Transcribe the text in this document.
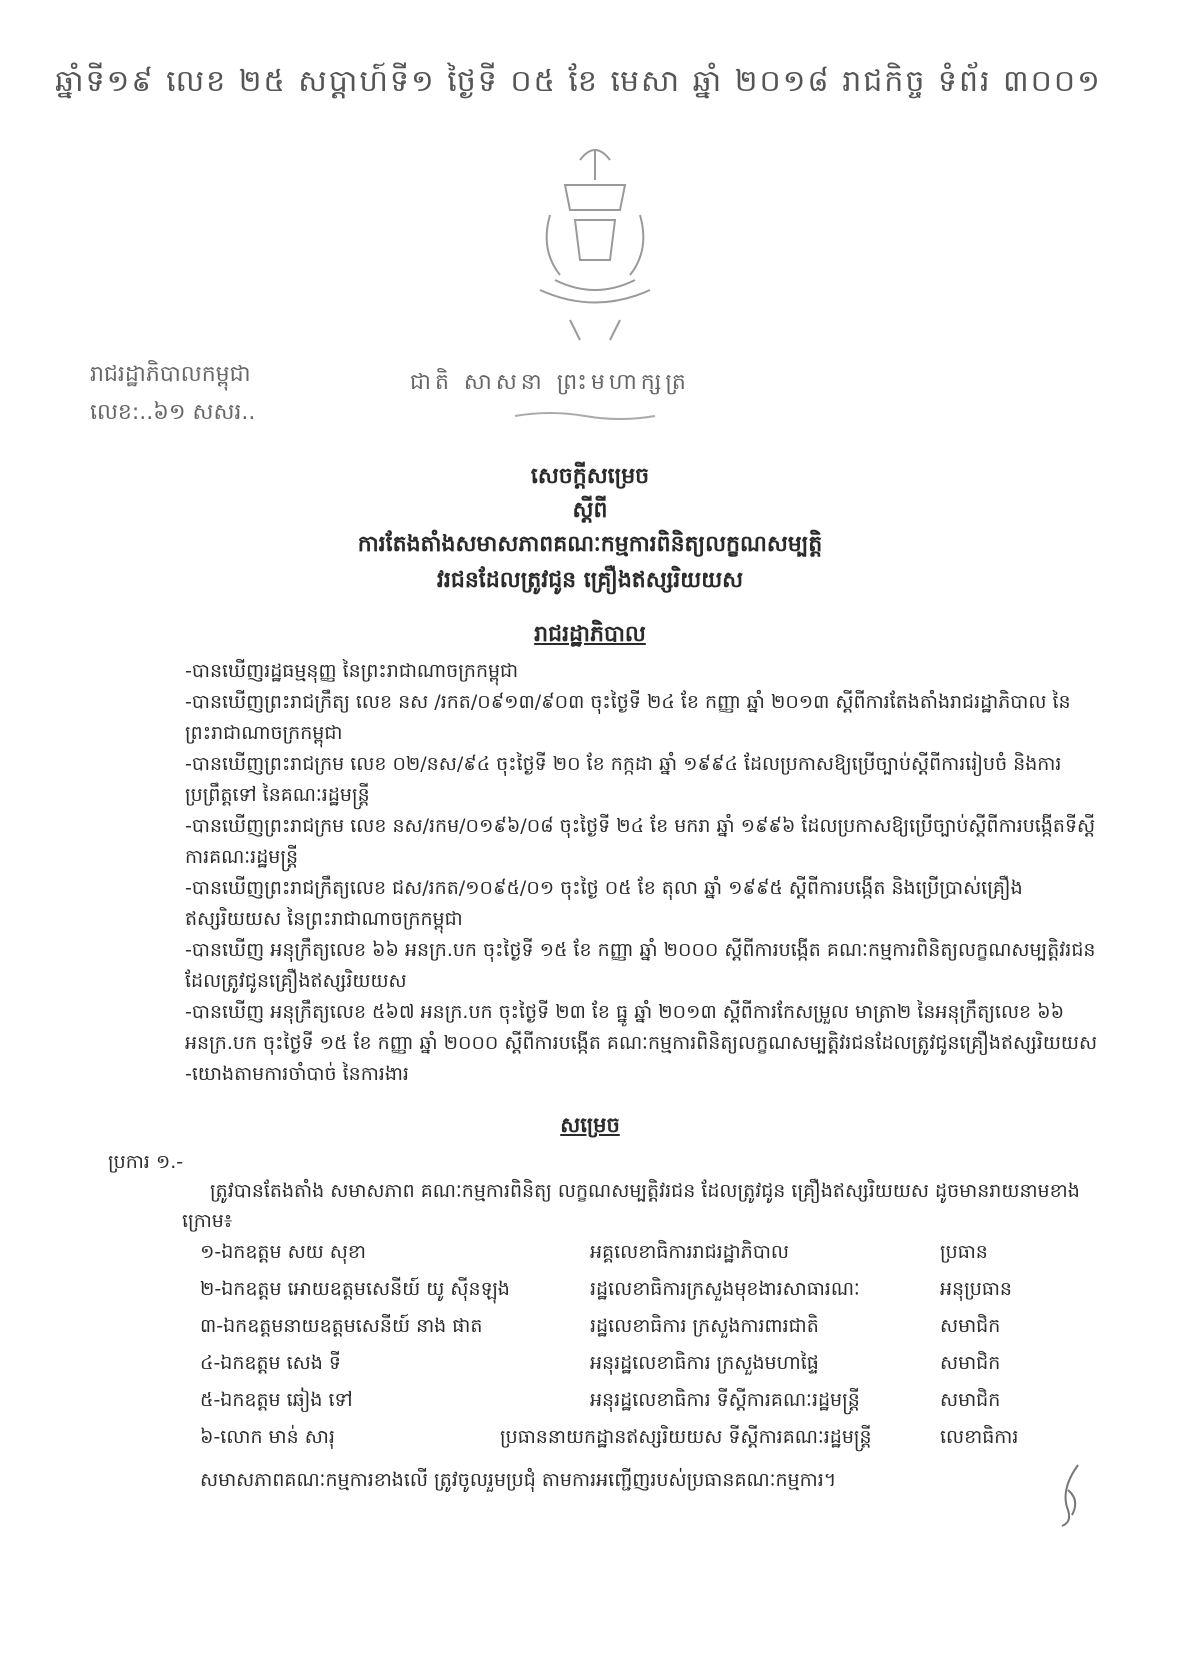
ឆ្នាំទី១៩ លេខ ២៥ សប្តាហ៍ទី១ ថ្ងៃទី ០៥ ខែ មេសា ឆ្នាំ ២០១៨ រាជកិច្ច ទំព័រ ៣០០១
រាជរដ្ឋាភិបាលកម្ពុជា
លេខ:..៦១ សសរ..
ជាតិ សាសនា ព្រះមហាក្សត្រ
សេចក្តីសម្រេច
ស្តីពី
ការតែងតាំងសមាសភាពគណៈកម្មការពិនិត្យលក្ខណសម្បត្តិ
វរជនដែលត្រូវជូន គ្រឿងឥស្សរិយយស
រាជរដ្ឋាភិបាល

-បានឃើញរដ្ឋធម្មនុញ្ញ នៃព្រះរាជាណាចក្រកម្ពុជា

-បានឃើញព្រះរាជក្រឹត្យ លេខ នស /រកត/០៩១៣/៩០៣ ចុះថ្ងៃទី ២៤ ខែ កញ្ញា ឆ្នាំ ២០១៣ ស្តីពីការតែងតាំងរាជរដ្ឋាភិបាល នៃព្រះរាជាណាចក្រកម្ពុជា

-បានឃើញព្រះរាជក្រម លេខ ០២/នស/៩៤ ចុះថ្ងៃទី ២០ ខែ កក្កដា ឆ្នាំ ១៩៩៤ ដែលប្រកាសឱ្យប្រើច្បាប់ស្តីពីការរៀបចំ និងការប្រព្រឹត្តទៅ នៃគណៈរដ្ឋមន្ត្រី

-បានឃើញព្រះរាជក្រម លេខ នស/រកម/០១៩៦/០៨ ចុះថ្ងៃទី ២៤ ខែ មករា ឆ្នាំ ១៩៩៦ ដែលប្រកាសឱ្យប្រើច្បាប់ស្តីពីការបង្កើតទីស្តីការគណៈរដ្ឋមន្ត្រី

-បានឃើញព្រះរាជក្រឹត្យលេខ ជស/រកត/១០៩៥/០១ ចុះថ្ងៃ ០៥ ខែ តុលា ឆ្នាំ ១៩៩៥ ស្តីពីការបង្កើត និងប្រើប្រាស់គ្រឿងឥស្សរិយយស នៃព្រះរាជាណាចក្រកម្ពុជា

-បានឃើញ អនុក្រឹត្យលេខ ៦៦ អនក្រ.បក ចុះថ្ងៃទី ១៥ ខែ កញ្ញា ឆ្នាំ ២០០០ ស្តីពីការបង្កើត គណៈកម្មការពិនិត្យលក្ខណសម្បត្តិវរជន ដែលត្រូវជូនគ្រឿងឥស្សរិយយស

-បានឃើញ អនុក្រឹត្យលេខ ៥៦៧ អនក្រ.បក ចុះថ្ងៃទី ២៣ ខែ ធ្នូ ឆ្នាំ ២០១៣ ស្តីពីការកែសម្រួល មាត្រា២ នៃអនុក្រឹត្យលេខ ៦៦ អនក្រ.បក ចុះថ្ងៃទី ១៥ ខែ កញ្ញា ឆ្នាំ ២០០០ ស្តីពីការបង្កើត គណៈកម្មការពិនិត្យលក្ខណសម្បត្តិវរជនដែលត្រូវជូនគ្រឿងឥស្សរិយយស

-យោងតាមការចាំបាច់ នៃការងារ

សម្រេច
ប្រការ ១.-
ត្រូវបានតែងតាំង សមាសភាព គណៈកម្មការពិនិត្យ លក្ខណសម្បត្តិវរជន ដែលត្រូវជូន គ្រឿងឥស្សរិយយស ដូចមានរាយនាមខាងក្រោម៖
១-ឯកឧត្តម សយ សុខា	អគ្គលេខាធិការរាជរដ្ឋាភិបាល	ប្រធាន
២-ឯកឧត្តម អោយឧត្តមសេនីយ៍ យូ ស៊ីនឡុង	រដ្ឋលេខាធិការក្រសួងមុខងារសាធារណៈ	អនុប្រធាន
៣-ឯកឧត្តមនាយឧត្តមសេនីយ៍ នាង ផាត	រដ្ឋលេខាធិការ ក្រសួងការពារជាតិ	សមាជិក
៤-ឯកឧត្តម សេង ទី	អនុរដ្ឋលេខាធិការ ក្រសួងមហាផ្ទៃ	សមាជិក
៥-ឯកឧត្តម ឆៀង ទៅ	អនុរដ្ឋលេខាធិការ ទីស្តីការគណៈរដ្ឋមន្ត្រី	សមាជិក
៦-លោក មាន់ សារុ	ប្រធាននាយកដ្ឋានឥស្សរិយយស ទីស្តីការគណៈរដ្ឋមន្ត្រី	លេខាធិការ
សមាសភាពគណៈកម្មការខាងលើ ត្រូវចូលរួមប្រជុំ តាមការអញ្ជើញរបស់ប្រធានគណៈកម្មការ។
